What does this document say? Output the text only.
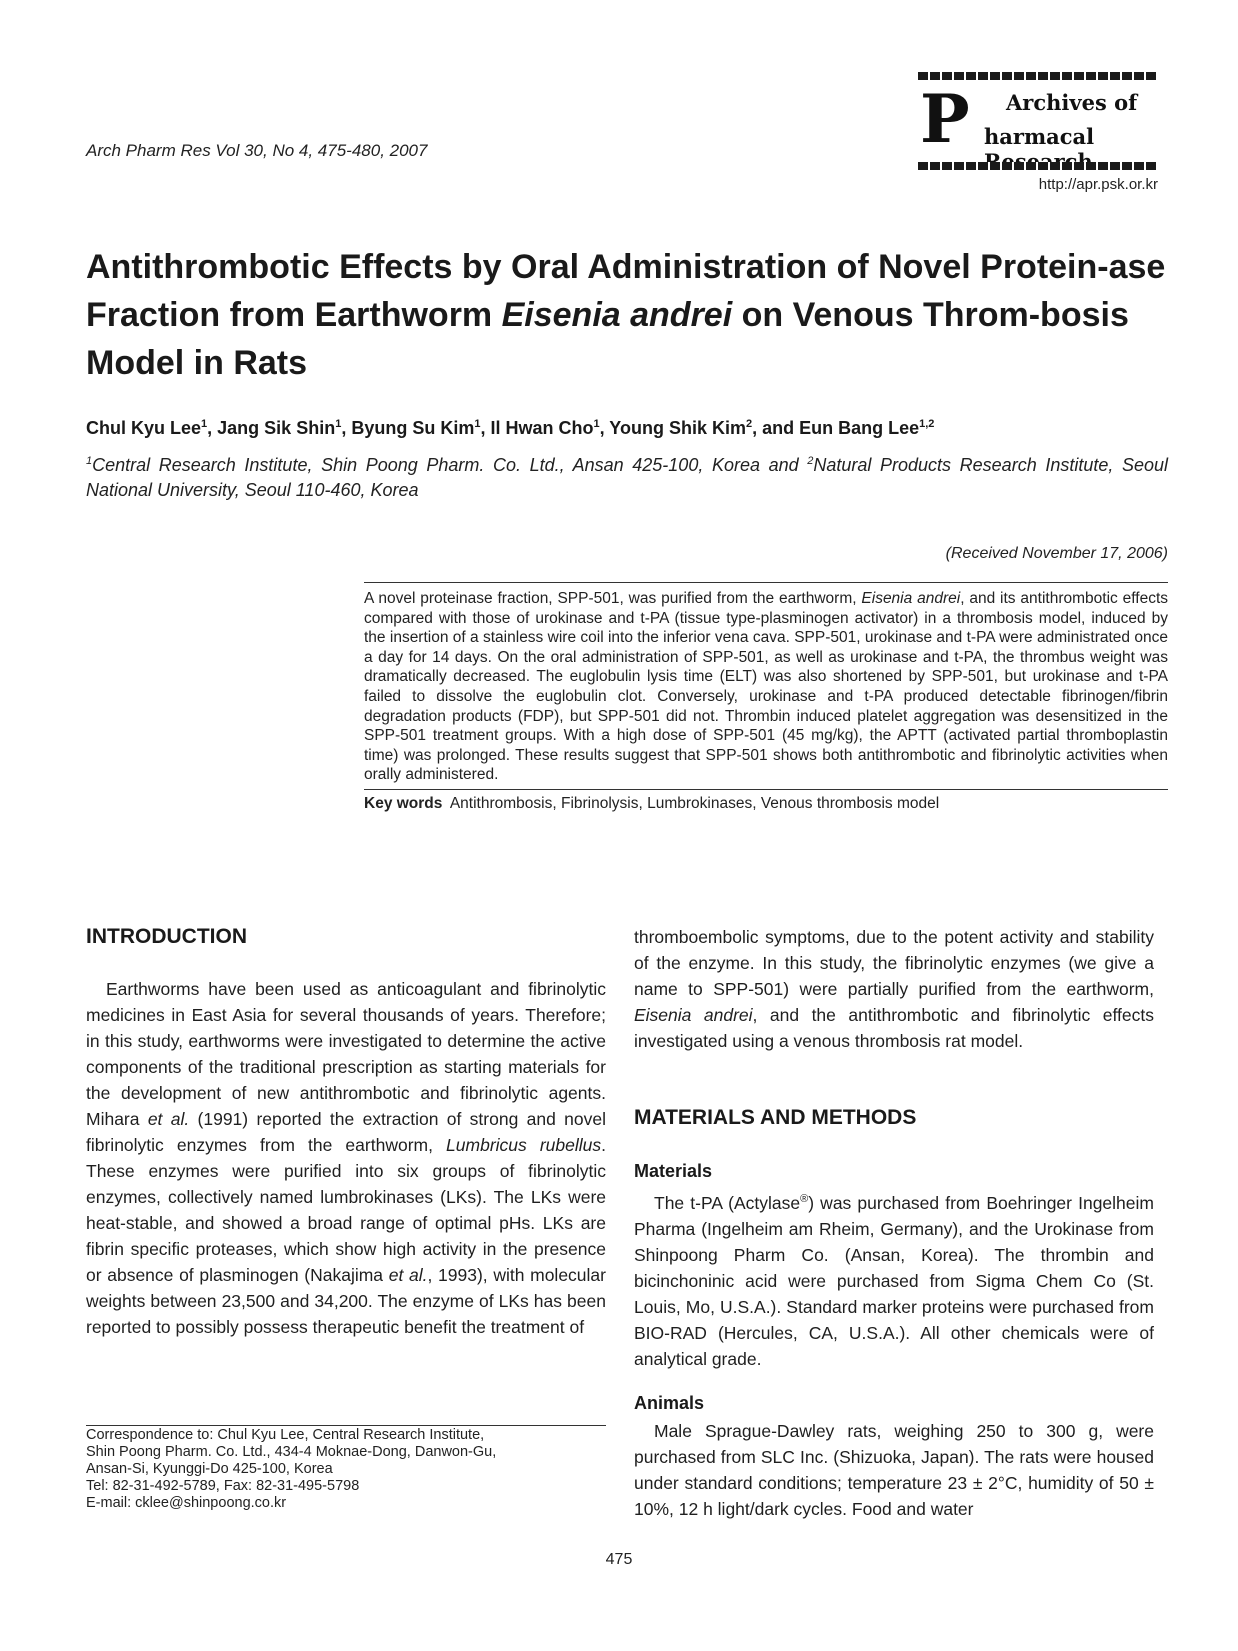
Arch Pharm Res Vol 30, No 4, 475-480, 2007	P Archives of
harmacal
http://apr.psk.or.kr
Antithrombotic Effects by Oral Administration of Novel Protein-ase Fraction from Earthworm Eisenia andrei on Venous Throm-bosis Model in Rats
Chul Kyu Lee$^1$, Jang Sik Shin$^1$, Byung Su Kim$^1$, Il Hwan Cho$^1$, Young Shik Kim$^2$, and Eun Bang Lee$^{1,2}$
$^1$Central Research Institute, Shin Poong Pharm. Co. Ltd., Ansan 425-100, Korea and $^2$Natural Products Research Institute, Seoul National University, Seoul 110-460, Korea
(Received November 17, 2006)

A novel proteinase fraction, SPP-501, was purified from the earthworm, Eisenia andrei, and its antithrombotic effects compared with those of urokinase and t-PA (tissue type-plasminogen activator) in a thrombosis model, induced by the insertion of a stainless wire coil into the inferior vena cava. SPP-501, urokinase and t-PA were administrated once a day for 14 days. On the oral administration of SPP-501, as well as urokinase and t-PA, the thrombus weight was dramatically decreased. The euglobulin lysis time (ELT) was also shortened by SPP-501, but urokinase and t-PA failed to dissolve the euglobulin clot. Conversely, urokinase and t-PA produced detectable fibrinogen/fibrin degradation products (FDP), but SPP-501 did not. Thrombin induced platelet aggregation was desensitized in the SPP-501 treatment groups. With a high dose of SPP-501 (45 mg/kg), the APTT (activated partial thromboplastin time) was prolonged. These results suggest that SPP-501 shows both antithrombotic and fibrinolytic activities when orally administered.

Key words Antithrombosis, Fibrinolysis, Lumbrokinases, Venous thrombosis model
INTRODUCTION

Earthworms have been used as anticoagulant and fibrinolytic medicines in East Asia for several thousands of years. Therefore; in this study, earthworms were investigated to determine the active components of the traditional prescription as starting materials for the development of new antithrombotic and fibrinolytic agents. Mihara et al. (1991) reported the extraction of strong and novel fibrinolytic enzymes from the earthworm, Lumbricus rubellus. These enzymes were purified into six groups of fibrinolytic enzymes, collectively named lumbrokinases (LKs). The LKs were heat-stable, and showed a broad range of optimal pHs. LKs are fibrin specific proteases, which show high activity in the presence or absence of plasminogen (Nakajima et al., 1993), with molecular weights between 23,500 and 34,200. The enzyme of LKs has been reported to possibly possess therapeutic benefit the treatment of

Correspondence to: Chul Kyu Lee, Central Research Institute,
Shin Poong Pharm. Co. Ltd., 434-4 Moknae-Dong, Danwon-Gu,
Ansan-Si, Kyunggi-Do 425-100, Korea
Tel: 82-31-492-5789, Fax: 82-31-495-5798
E-mail: cklee@shinpoong.co.kr

thromboembolic symptoms, due to the potent activity and stability of the enzyme. In this study, the fibrinolytic enzymes (we give a name to SPP-501) were partially purified from the earthworm, Eisenia andrei, and the antithrombotic and fibrinolytic effects investigated using a venous thrombosis rat model.

MATERIALS AND METHODS
Materials

The t-PA (Actylase®) was purchased from Boehringer Ingelheim Pharma (Ingelheim am Rheim, Germany), and the Urokinase from Shinpoong Pharm Co. (Ansan, Korea). The thrombin and bicinchoninic acid were purchased from Sigma Chem Co (St. Louis, Mo, U.S.A.). Standard marker proteins were purchased from BIO-RAD (Hercules, CA, U.S.A.). All other chemicals were of analytical grade.

Animals

Male Sprague-Dawley rats, weighing 250 to 300 g, were purchased from SLC Inc. (Shizuoka, Japan). The rats were housed under standard conditions; temperature 23 ± 2°C, humidity of 50 ± 10%, 12 h light/dark cycles. Food and water

475
